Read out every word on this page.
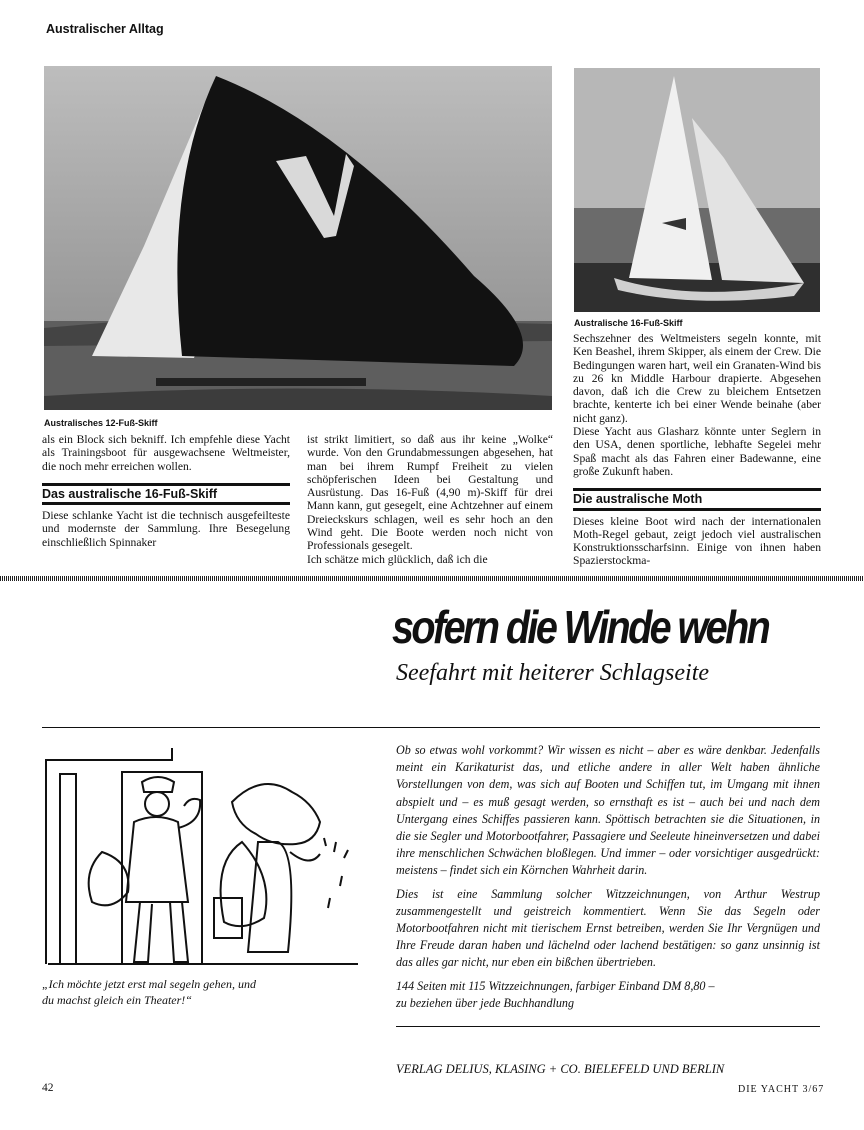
Australischer Alltag
Australisches 12-Fuß-Skiff
Australische 16-Fuß-Skiff

als ein Block sich bekniff. Ich empfehle diese Yacht als Trainingsboot für ausgewachsene Weltmeister, die noch mehr erreichen wollen.

Das australische 16-Fuß-Skiff

Diese schlanke Yacht ist die technisch ausgefeilteste und modernste der Sammlung. Ihre Besegelung einschließlich Spinnaker

ist strikt limitiert, so daß aus ihr keine „Wolke“ wurde. Von den Grundabmessungen abgesehen, hat man bei ihrem Rumpf Freiheit zu vielen schöpferischen Ideen bei Gestaltung und Ausrüstung. Das 16-Fuß (4,90 m)-Skiff für drei Mann kann, gut gesegelt, eine Achtzehner auf einem Dreieckskurs schlagen, weil es sehr hoch an den Wind geht. Die Boote werden noch nicht von Professionals gesegelt.

Ich schätze mich glücklich, daß ich die

Sechszehner des Weltmeisters segeln konnte, mit Ken Beashel, ihrem Skipper, als einem der Crew. Die Bedingungen waren hart, weil ein Granaten-Wind bis zu 26 kn Middle Harbour drapierte. Abgesehen davon, daß ich die Crew zu bleichem Entsetzen brachte, kenterte ich bei einer Wende beinahe (aber nicht ganz).

Diese Yacht aus Glasharz könnte unter Seglern in den USA, denen sportliche, lebhafte Segelei mehr Spaß macht als das Fahren einer Badewanne, eine große Zukunft haben.

Die australische Moth

Dieses kleine Boot wird nach der internationalen Moth-Regel gebaut, zeigt jedoch viel australischen Konstruktionsscharfsinn. Einige von ihnen haben Spazierstockma-

sofern die Winde wehn
Seefahrt mit heiterer Schlagseite
„Ich möchte jetzt erst mal segeln gehen, und
du machst gleich ein Theater!“

Ob so etwas wohl vorkommt? Wir wissen es nicht – aber es wäre denkbar. Jedenfalls meint ein Karikaturist das, und etliche andere in aller Welt haben ähnliche Vorstellungen von dem, was sich auf Booten und Schiffen tut, im Umgang mit ihnen abspielt und – es muß gesagt werden, so ernsthaft es ist – auch bei und nach dem Untergang eines Schiffes passieren kann. Spöttisch betrachten sie die Situationen, in die sie Segler und Motorbootfahrer, Passagiere und Seeleute hineinversetzen und dabei ihre menschlichen Schwächen bloßlegen. Und immer – oder vorsichtiger ausgedrückt: meistens – findet sich ein Körnchen Wahrheit darin.

Dies ist eine Sammlung solcher Witzzeichnungen, von Arthur Westrup zusammengestellt und geistreich kommentiert. Wenn Sie das Segeln oder Motorbootfahren nicht mit tierischem Ernst betreiben, werden Sie Ihr Vergnügen und Ihre Freude daran haben und lächelnd oder lachend bestätigen: so ganz unsinnig ist das alles gar nicht, nur eben ein bißchen übertrieben.

144 Seiten mit 115 Witzzeichnungen, farbiger Einband DM 8,80 –
zu beziehen über jede Buchhandlung
VERLAG DELIUS, KLASING + CO. BIELEFELD UND BERLIN
42	DIE YACHT 3/67
